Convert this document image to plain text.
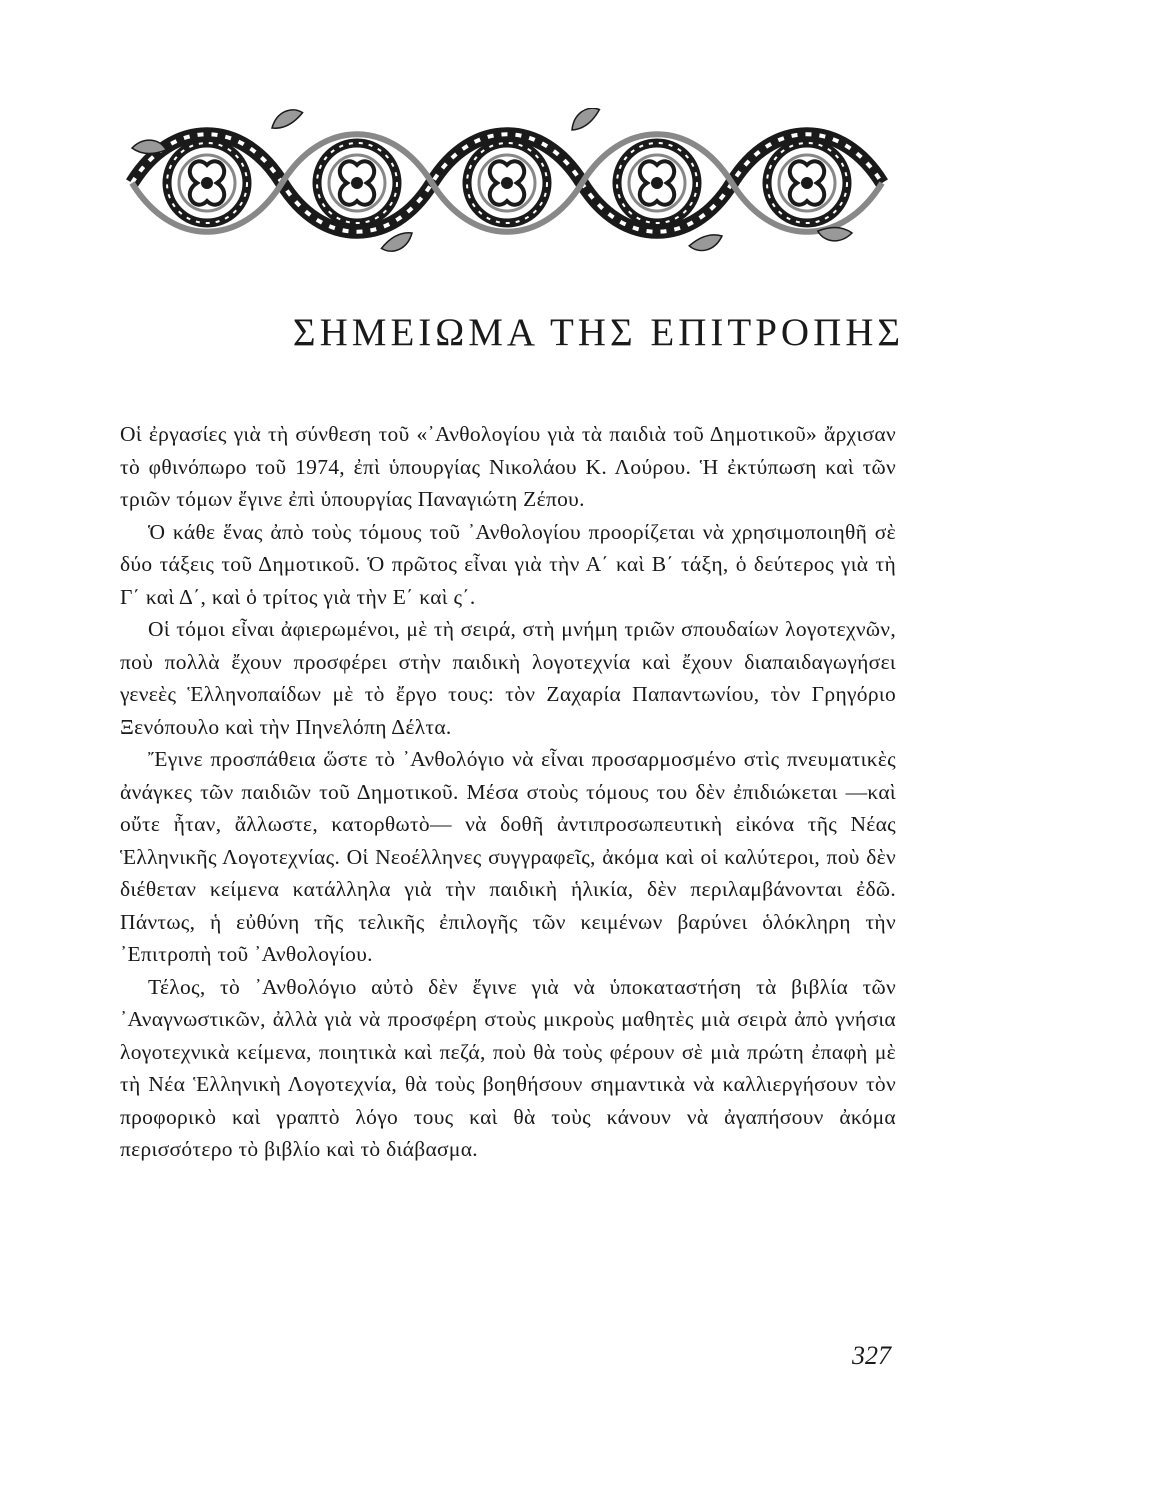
ΣΗΜΕΙΩΜΑ ΤΗΣ ΕΠΙΤΡΟΠΗΣ

Οἱ ἐργασίες γιὰ τὴ σύνθεση τοῦ «᾿Ανθολογίου γιὰ τὰ παιδιὰ τοῦ Δημοτικοῦ» ἄρχισαν τὸ φθινόπωρο τοῦ 1974, ἐπὶ ὑπουργίας Νικολάου Κ. Λούρου. Ἡ ἐκτύπωση καὶ τῶν τριῶν τόμων ἔγινε ἐπὶ ὑπουργίας Παναγιώτη Ζέπου.

Ὁ κάθε ἕνας ἀπὸ τοὺς τόμους τοῦ ᾿Ανθολογίου προορίζεται νὰ χρησιμοποιηθῆ σὲ δύο τάξεις τοῦ Δημοτικοῦ. Ὁ πρῶτος εἶναι γιὰ τὴν Α΄ καὶ Β΄ τάξη, ὁ δεύτερος γιὰ τὴ Γ΄ καὶ Δ΄, καὶ ὁ τρίτος γιὰ τὴν Ε΄ καὶ ς΄.

Οἱ τόμοι εἶναι ἀφιερωμένοι, μὲ τὴ σειρά, στὴ μνήμη τριῶν σπουδαίων λογοτεχνῶν, ποὺ πολλὰ ἔχουν προσφέρει στὴν παιδικὴ λογοτεχνία καὶ ἔχουν διαπαιδαγωγήσει γενεὲς Ἑλληνοπαίδων μὲ τὸ ἔργο τους: τὸν Ζαχαρία Παπαντωνίου, τὸν Γρηγόριο Ξενόπουλο καὶ τὴν Πηνελόπη Δέλτα.

Ἔγινε προσπάθεια ὥστε τὸ ᾿Ανθολόγιο νὰ εἶναι προσαρμοσμένο στὶς πνευματικὲς ἀνάγκες τῶν παιδιῶν τοῦ Δημοτικοῦ. Μέσα στοὺς τόμους του δὲν ἐπιδιώκεται —καὶ οὔτε ἦταν, ἄλλωστε, κατορθωτὸ— νὰ δοθῆ ἀντιπροσωπευτικὴ εἰκόνα τῆς Νέας Ἑλληνικῆς Λογοτεχνίας. Οἱ Νεοέλληνες συγγραφεῖς, ἀκόμα καὶ οἱ καλύτεροι, ποὺ δὲν διέθεταν κείμενα κατάλληλα γιὰ τὴν παιδικὴ ἡλικία, δὲν περιλαμβάνονται ἐδῶ. Πάντως, ἡ εὐθύνη τῆς τελικῆς ἐπιλογῆς τῶν κειμένων βαρύνει ὁλόκληρη τὴν ᾿Επιτροπὴ τοῦ ᾿Ανθολογίου.

Τέλος, τὸ ᾿Ανθολόγιο αὐτὸ δὲν ἔγινε γιὰ νὰ ὑποκαταστήση τὰ βιβλία τῶν ᾿Αναγνωστικῶν, ἀλλὰ γιὰ νὰ προσφέρη στοὺς μικροὺς μαθητὲς μιὰ σειρὰ ἀπὸ γνήσια λογοτεχνικὰ κείμενα, ποιητικὰ καὶ πεζά, ποὺ θὰ τοὺς φέρουν σὲ μιὰ πρώτη ἐπαφὴ μὲ τὴ Νέα Ἑλληνικὴ Λογοτεχνία, θὰ τοὺς βοηθήσουν σημαντικὰ νὰ καλλιεργήσουν τὸν προφορικὸ καὶ γραπτὸ λόγο τους καὶ θὰ τοὺς κάνουν νὰ ἀγαπήσουν ἀκόμα περισσότερο τὸ βιβλίο καὶ τὸ διάβασμα.

327
